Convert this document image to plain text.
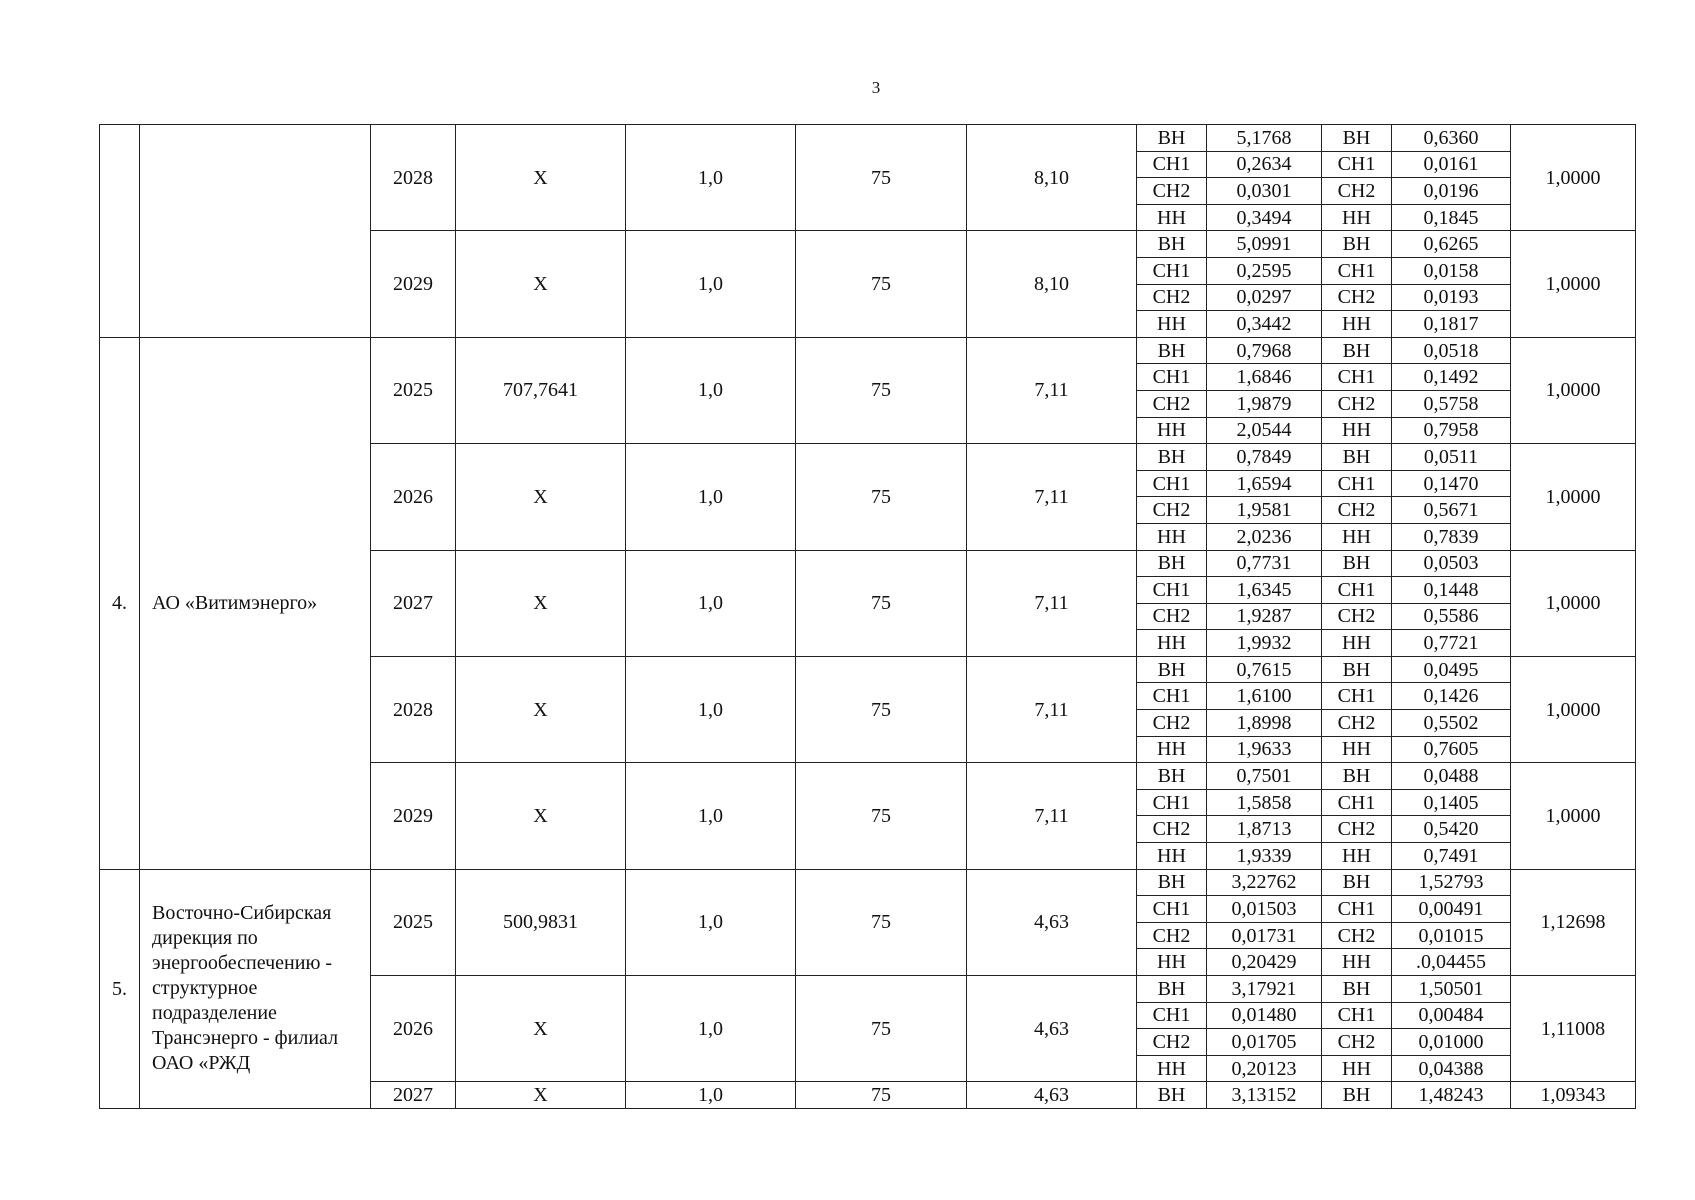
3
		2028	X	1,0	75	8,10	ВН	5,1768	ВН	0,6360	1,0000
							СН1	0,2634	СН1	0,0161	
							СН2	0,0301	СН2	0,0196	
							НН	0,3494	НН	0,1845	
		2029	X	1,0	75	8,10	ВН	5,0991	ВН	0,6265	1,0000
							СН1	0,2595	СН1	0,0158	
							СН2	0,0297	СН2	0,0193	
							НН	0,3442	НН	0,1817	
4.	АО «Витимэнерго»	2025	707,7641	1,0	75	7,11	ВН	0,7968	ВН	0,0518	1,0000
							СН1	1,6846	СН1	0,1492	
							СН2	1,9879	СН2	0,5758	
							НН	2,0544	НН	0,7958	
		2026	X	1,0	75	7,11	ВН	0,7849	ВН	0,0511	1,0000
							СН1	1,6594	СН1	0,1470	
							СН2	1,9581	СН2	0,5671	
							НН	2,0236	НН	0,7839	
		2027	X	1,0	75	7,11	ВН	0,7731	ВН	0,0503	1,0000
							СН1	1,6345	СН1	0,1448	
							СН2	1,9287	СН2	0,5586	
							НН	1,9932	НН	0,7721	
		2028	X	1,0	75	7,11	ВН	0,7615	ВН	0,0495	1,0000
							СН1	1,6100	СН1	0,1426	
							СН2	1,8998	СН2	0,5502	
							НН	1,9633	НН	0,7605	
		2029	X	1,0	75	7,11	ВН	0,7501	ВН	0,0488	1,0000
							СН1	1,5858	СН1	0,1405	
							СН2	1,8713	СН2	0,5420	
							НН	1,9339	НН	0,7491	
5.	Восточно-Сибирская дирекция по энергообеспечению - структурное подразделение Трансэнерго - филиал ОАО «РЖД	2025	500,9831	1,0	75	4,63	ВН	3,22762	ВН	1,52793	1,12698
							СН1	0,01503	СН1	0,00491	
							СН2	0,01731	СН2	0,01015	
							НН	0,20429	НН	.0,04455	
		2026	X	1,0	75	4,63	ВН	3,17921	ВН	1,50501	1,11008
							СН1	0,01480	СН1	0,00484	
							СН2	0,01705	СН2	0,01000	
							НН	0,20123	НН	0,04388	
		2027	X	1,0	75	4,63	ВН	3,13152	ВН	1,48243	1,09343
